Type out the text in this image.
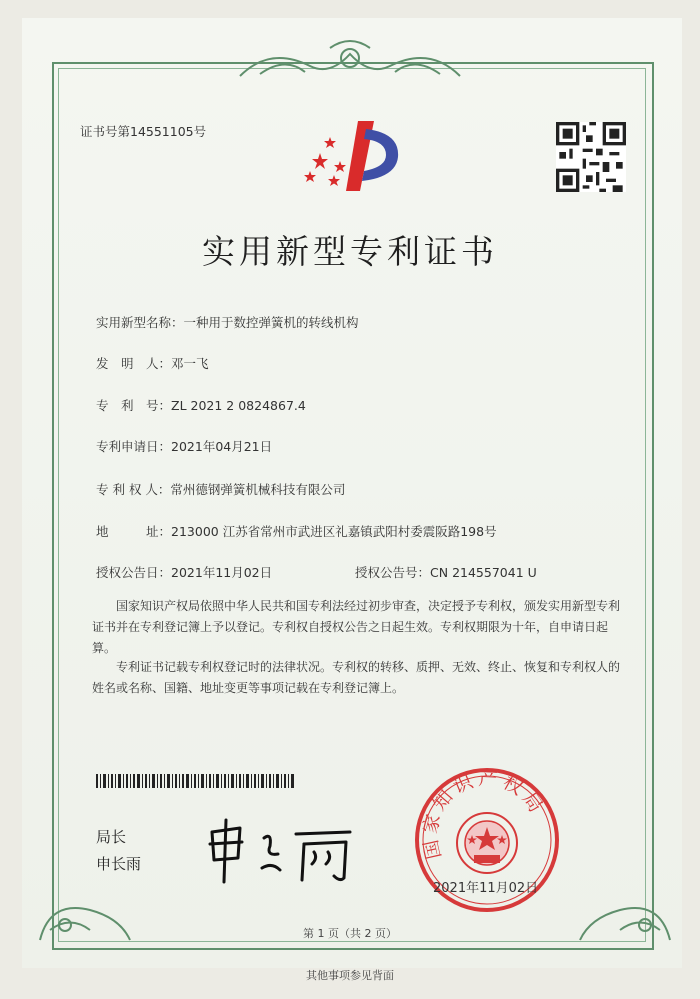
证书号第14551105号
实用新型专利证书
实用新型名称：一种用于数控弹簧机的转线机构
发　明　人：邓一飞
专　利　号：ZL 2021 2 0824867.4
专利申请日：2021年04月21日
专 利 权 人：常州德钢弹簧机械科技有限公司
地　　　址：213000 江苏省常州市武进区礼嘉镇武阳村委震阪路198号
授权公告日：2021年11月02日	授权公告号：CN 214557041 U
国家知识产权局依照中华人民共和国专利法经过初步审查，决定授予专利权，颁发实用新型专利证书并在专利登记簿上予以登记。专利权自授权公告之日起生效。专利权期限为十年，自申请日起算。
专利证书记载专利权登记时的法律状况。专利权的转移、质押、无效、终止、恢复和专利权人的姓名或名称、国籍、地址变更等事项记载在专利登记簿上。
局长
申长雨
国家知识产权局
2021年11月02日
第 1 页（共 2 页）
其他事项参见背面
